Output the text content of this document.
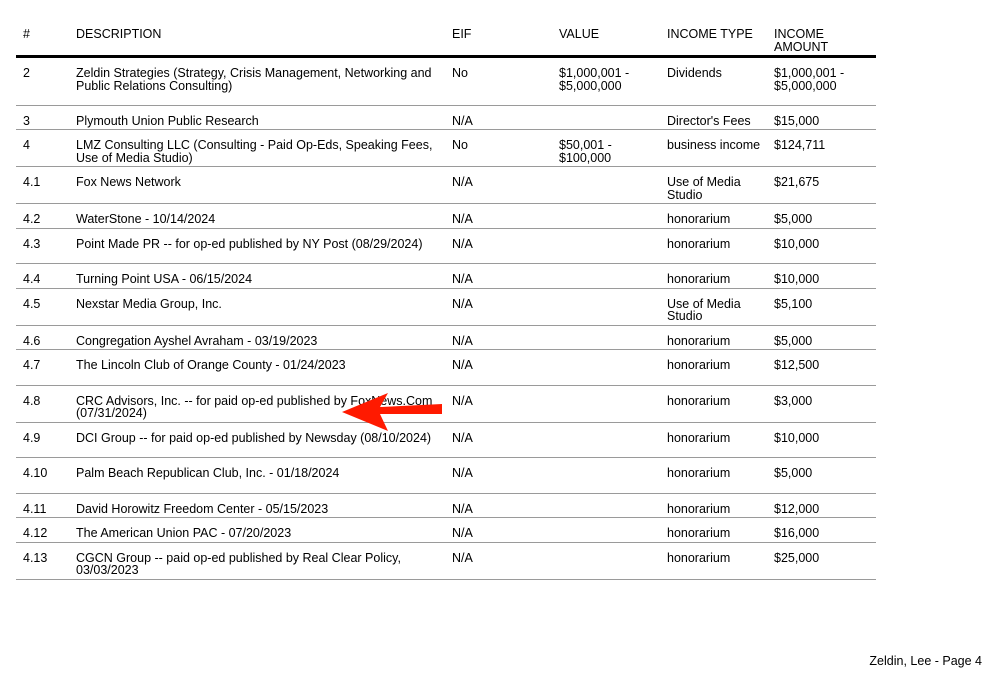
#	DESCRIPTION	EIF	VALUE	INCOME TYPE	INCOME AMOUNT
2	Zeldin Strategies (Strategy, Crisis Management, Networking and Public Relations Consulting)	No	$1,000,001 - $5,000,000	Dividends	$1,000,001 - $5,000,000
3	Plymouth Union Public Research	N/A		Director's Fees	$15,000
4	LMZ Consulting LLC (Consulting - Paid Op-Eds, Speaking Fees, Use of Media Studio)	No	$50,001 - $100,000	business income	$124,711
4.1	Fox News Network	N/A		Use of Media Studio	$21,675
4.2	WaterStone - 10/14/2024	N/A		honorarium	$5,000
4.3	Point Made PR -- for op-ed published by NY Post (08/29/2024)	N/A		honorarium	$10,000
4.4	Turning Point USA - 06/15/2024	N/A		honorarium	$10,000
4.5	Nexstar Media Group, Inc.	N/A		Use of Media Studio	$5,100
4.6	Congregation Ayshel Avraham - 03/19/2023	N/A		honorarium	$5,000
4.7	The Lincoln Club of Orange County - 01/24/2023	N/A		honorarium	$12,500
4.8	CRC Advisors, Inc. -- for paid op-ed published by FoxNews.Com (07/31/2024)	N/A		honorarium	$3,000
4.9	DCI Group -- for paid op-ed published by Newsday (08/10/2024)	N/A		honorarium	$10,000
4.10	Palm Beach Republican Club, Inc. - 01/18/2024	N/A		honorarium	$5,000
4.11	David Horowitz Freedom Center - 05/15/2023	N/A		honorarium	$12,000
4.12	The American Union PAC - 07/20/2023	N/A		honorarium	$16,000
4.13	CGCN Group -- paid op-ed published by Real Clear Policy, 03/03/2023	N/A		honorarium	$25,000
Zeldin, Lee - Page 4
